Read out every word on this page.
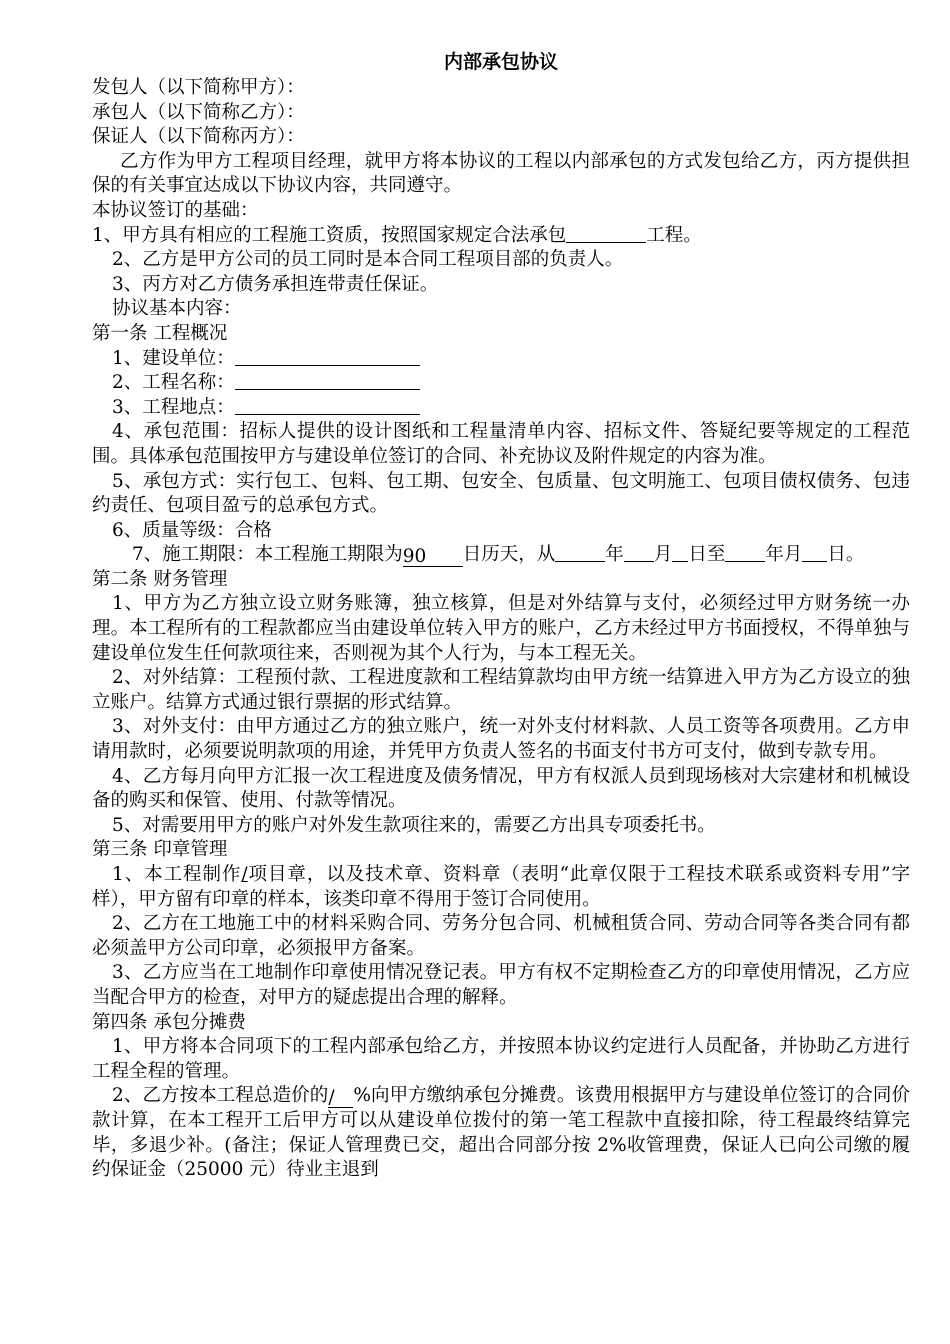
内部承包协议

发包人（以下简称甲方）：

承包人（以下简称乙方）：

保证人（以下简称丙方）：

乙方作为甲方工程项目经理，就甲方将本协议的工程以内部承包的方式发包给乙方，丙方提供担保的有关事宜达成以下协议内容，共同遵守。

本协议签订的基础：

1、甲方具有相应的工程施工资质，按照国家规定合法承包	工程。

2、乙方是甲方公司的员工同时是本合同工程项目部的负责人。

3、丙方对乙方债务承担连带责任保证。

协议基本内容：

第一条 工程概况

1、建设单位：

2、工程名称：

3、工程地点：

4、承包范围：招标人提供的设计图纸和工程量清单内容、招标文件、答疑纪要等规定的工程范围。具体承包范围按甲方与建设单位签订的合同、补充协议及附件规定的内容为准。

5、承包方式：实行包工、包料、包工期、包安全、包质量、包文明施工、包项目债权债务、包违约责任、包项目盈亏的总承包方式。

6、质量等级：合格

7、施工期限：本工程施工期限为90 日历天，从	年 月 日至 年月 日。

第二条 财务管理

1、甲方为乙方独立设立财务账簿，独立核算，但是对外结算与支付，必须经过甲方财务统一办理。本工程所有的工程款都应当由建设单位转入甲方的账户，乙方未经过甲方书面授权，不得单独与建设单位发生任何款项往来，否则视为其个人行为，与本工程无关。

2、对外结算：工程预付款、工程进度款和工程结算款均由甲方统一结算进入甲方为乙方设立的独立账户。结算方式通过银行票据的形式结算。

3、对外支付：由甲方通过乙方的独立账户，统一对外支付材料款、人员工资等各项费用。乙方申请用款时，必须要说明款项的用途，并凭甲方负责人签名的书面支付书方可支付，做到专款专用。

4、乙方每月向甲方汇报一次工程进度及债务情况，甲方有权派人员到现场核对大宗建材和机械设备的购买和保管、使用、付款等情况。

5、对需要用甲方的账户对外发生款项往来的，需要乙方出具专项委托书。

第三条 印章管理

1、本工程制作/项目章，以及技术章、资料章（表明“此章仅限于工程技术联系或资料专用”字样），甲方留有印章的样本，该类印章不得用于签订合同使用。

2、乙方在工地施工中的材料采购合同、劳务分包合同、机械租赁合同、劳动合同等各类合同有都必须盖甲方公司印章，必须报甲方备案。

3、乙方应当在工地制作印章使用情况登记表。甲方有权不定期检查乙方的印章使用情况，乙方应当配合甲方的检查，对甲方的疑虑提出合理的解释。

第四条 承包分摊费

1、甲方将本合同项下的工程内部承包给乙方，并按照本协议约定进行人员配备，并协助乙方进行工程全程的管理。

2、乙方按本工程总造价的/ %向甲方缴纳承包分摊费。该费用根据甲方与建设单位签订的合同价款计算，在本工程开工后甲方可以从建设单位拨付的第一笔工程款中直接扣除，待工程最终结算完毕，多退少补。(备注；保证人管理费已交，超出合同部分按 2%收管理费，保证人已向公司缴的履约保证金（25000 元）待业主退到
